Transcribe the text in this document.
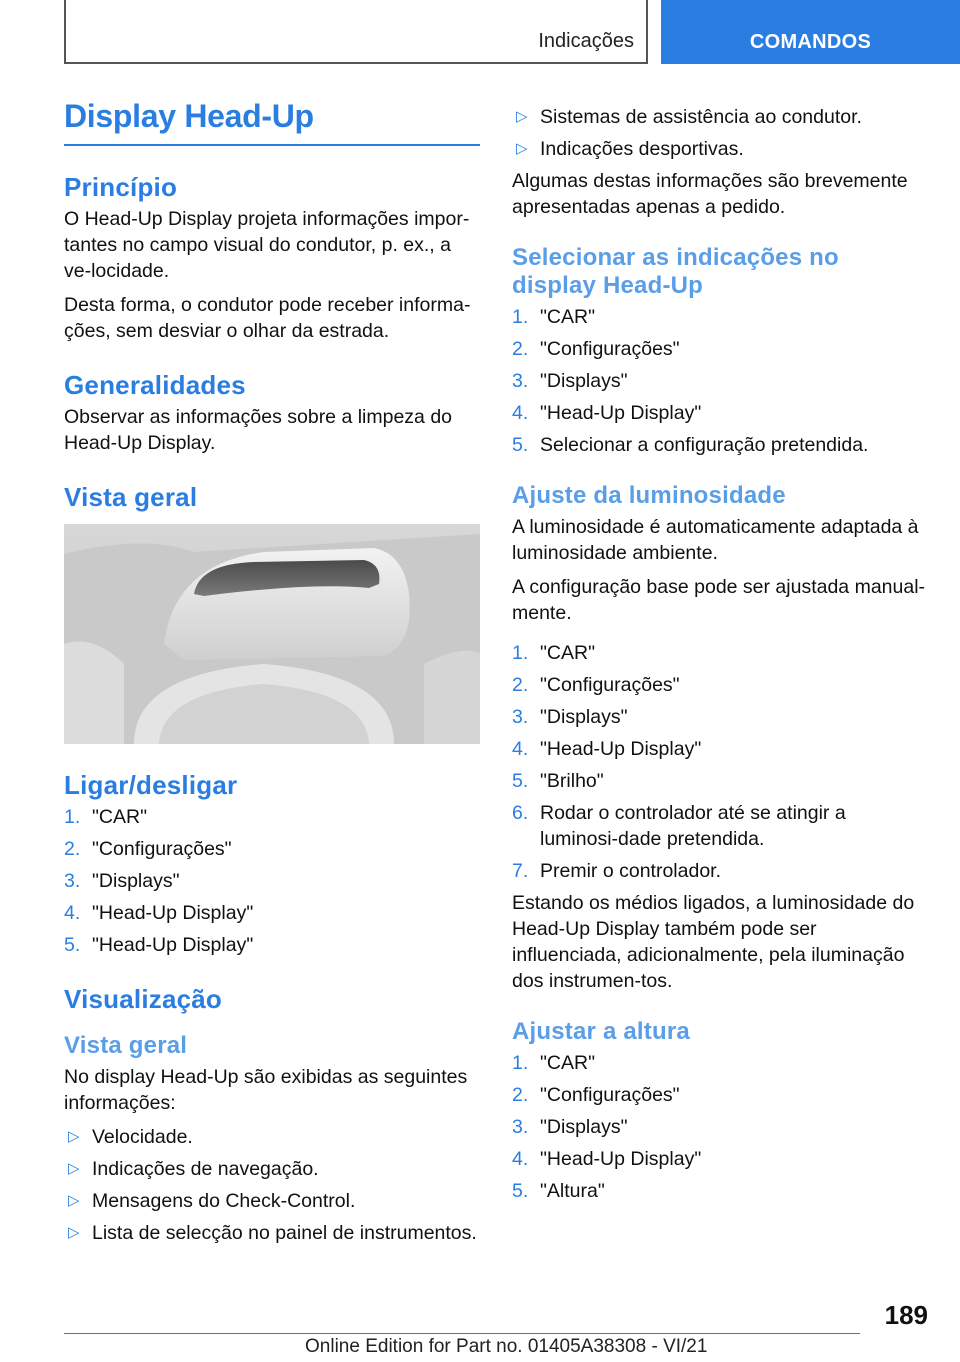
Indicações	COMANDOS
Display Head-Up
Princípio

O Head-Up Display projeta informações impor-tantes no campo visual do condutor, p. ex., a ve-locidade.

Desta forma, o condutor pode receber informa-ções, sem desviar o olhar da estrada.

Generalidades

Observar as informações sobre a limpeza do Head-Up Display.

Vista geral
Ligar/desligar
1. "CAR"
2. "Configurações"
3. "Displays"
4. "Head-Up Display"
5. "Head-Up Display"
Visualização
Vista geral

No display Head-Up são exibidas as seguintes informações:

▷ Velocidade.
▷ Indicações de navegação.
▷ Mensagens do Check-Control.
▷ Lista de selecção no painel de instrumentos.
▷ Sistemas de assistência ao condutor.
▷ Indicações desportivas.

Algumas destas informações são brevemente apresentadas apenas a pedido.

Selecionar as indicações no display Head-Up
1. "CAR"
2. "Configurações"
3. "Displays"
4. "Head-Up Display"
5. Selecionar a configuração pretendida.
Ajuste da luminosidade

A luminosidade é automaticamente adaptada à luminosidade ambiente.

A configuração base pode ser ajustada manual-mente.

1. "CAR"
2. "Configurações"
3. "Displays"
4. "Head-Up Display"
5. "Brilho"
6. Rodar o controlador até se atingir a luminosi-dade pretendida.
7. Premir o controlador.

Estando os médios ligados, a luminosidade do Head-Up Display também pode ser influenciada, adicionalmente, pela iluminação dos instrumen-tos.

Ajustar a altura
1. "CAR"
2. "Configurações"
3. "Displays"
4. "Head-Up Display"
5. "Altura"
189
Online Edition for Part no. 01405A38308 - VI/21
